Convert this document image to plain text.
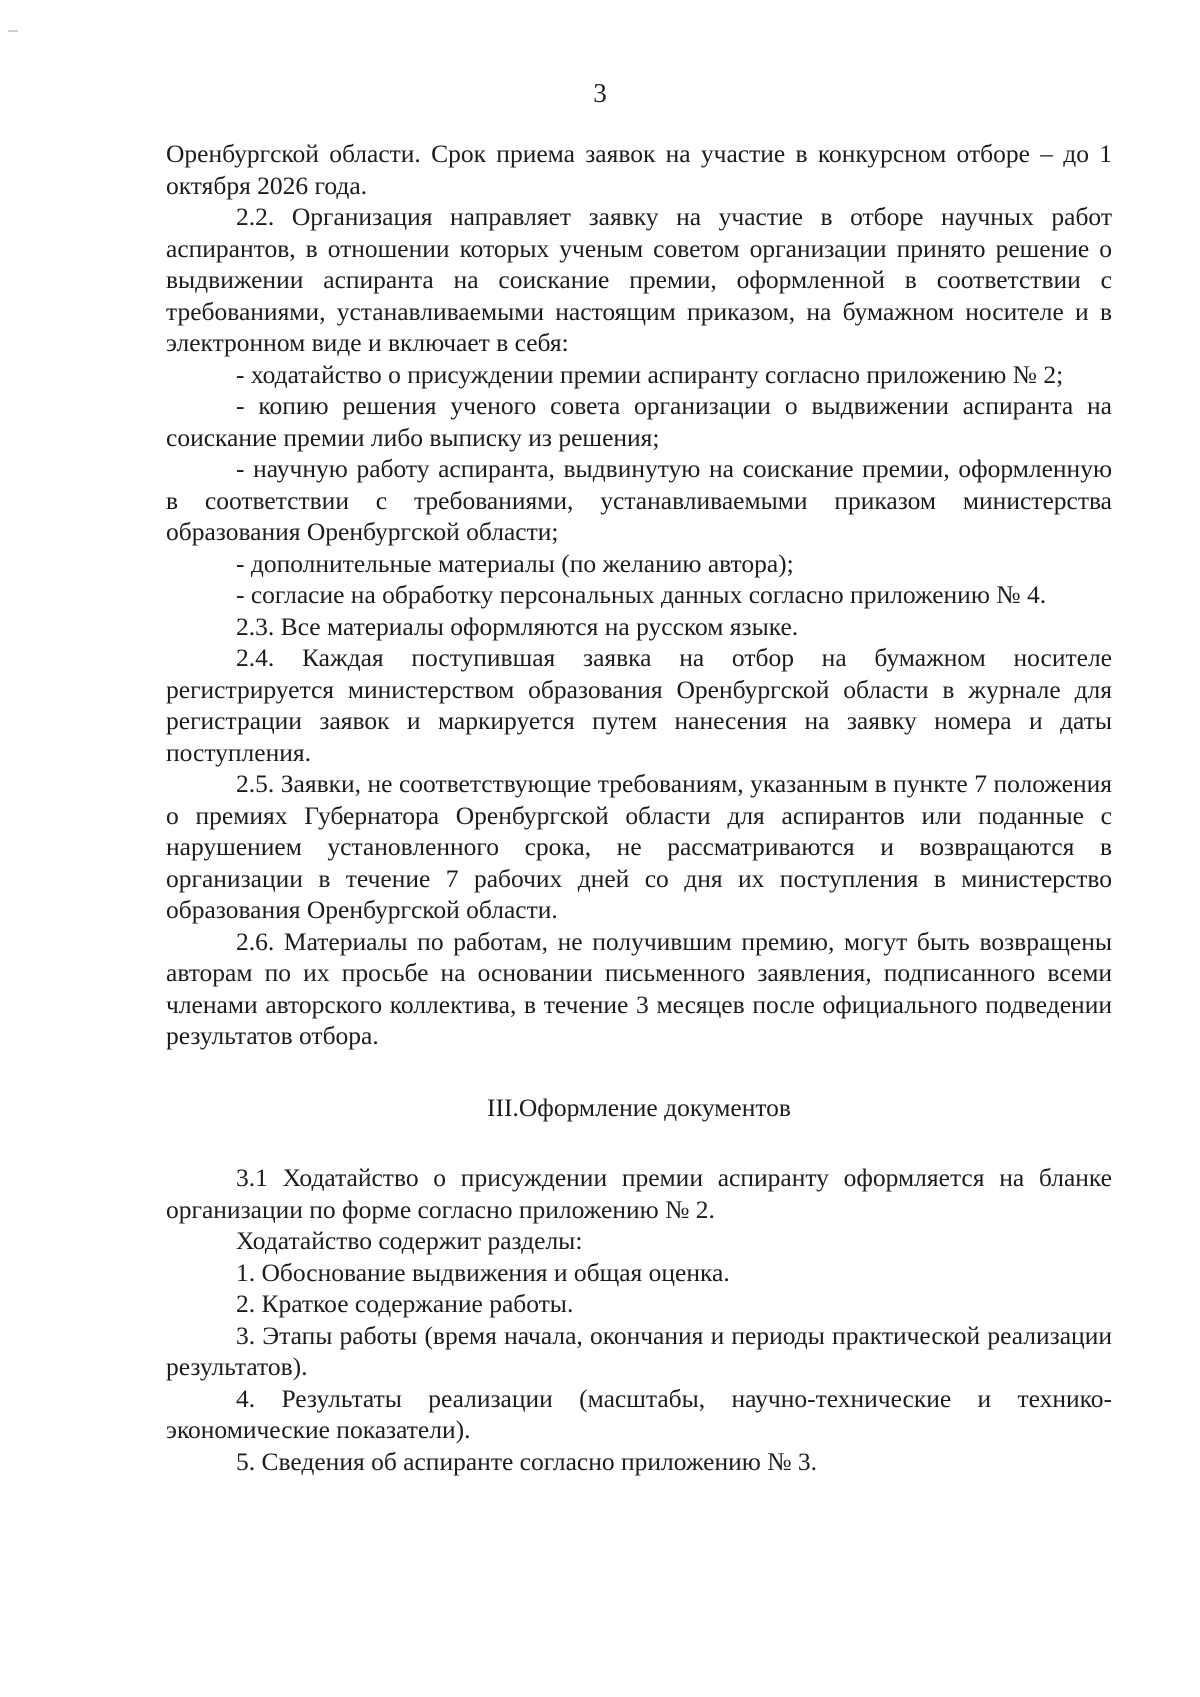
3

Оренбургской области. Срок приема заявок на участие в конкурсном отборе – до 1 октября 2026 года.

2.2. Организация направляет заявку на участие в отборе научных работ аспирантов, в отношении которых ученым советом организации принято решение о выдвижении аспиранта на соискание премии, оформленной в соответствии с требованиями, устанавливаемыми настоящим приказом, на бумажном носителе и в электронном виде и включает в себя:

- ходатайство о присуждении премии аспиранту согласно приложению № 2;

- копию решения ученого совета организации о выдвижении аспиранта на соискание премии либо выписку из решения;

- научную работу аспиранта, выдвинутую на соискание премии, оформленную в соответствии с требованиями, устанавливаемыми приказом министерства образования Оренбургской области;

- дополнительные материалы (по желанию автора);

- согласие на обработку персональных данных согласно приложению № 4.

2.3. Все материалы оформляются на русском языке.

2.4. Каждая поступившая заявка на отбор на бумажном носителе регистрируется министерством образования Оренбургской области в журнале для регистрации заявок и маркируется путем нанесения на заявку номера и даты поступления.

2.5. Заявки, не соответствующие требованиям, указанным в пункте 7 положения о премиях Губернатора Оренбургской области для аспирантов или поданные с нарушением установленного срока, не рассматриваются и возвращаются в организации в течение 7 рабочих дней со дня их поступления в министерство образования Оренбургской области.

2.6. Материалы по работам, не получившим премию, могут быть возвращены авторам по их просьбе на основании письменного заявления, подписанного всеми членами авторского коллектива, в течение 3 месяцев после официального подведении результатов отбора.

III.Оформление документов

3.1 Ходатайство о присуждении премии аспиранту оформляется на бланке организации по форме согласно приложению № 2.

Ходатайство содержит разделы:

1. Обоснование выдвижения и общая оценка.

2. Краткое содержание работы.

3. Этапы работы (время начала, окончания и периоды практической реализации результатов).

4. Результаты реализации (масштабы, научно-технические и технико-экономические показатели).

5. Сведения об аспиранте согласно приложению № 3.
